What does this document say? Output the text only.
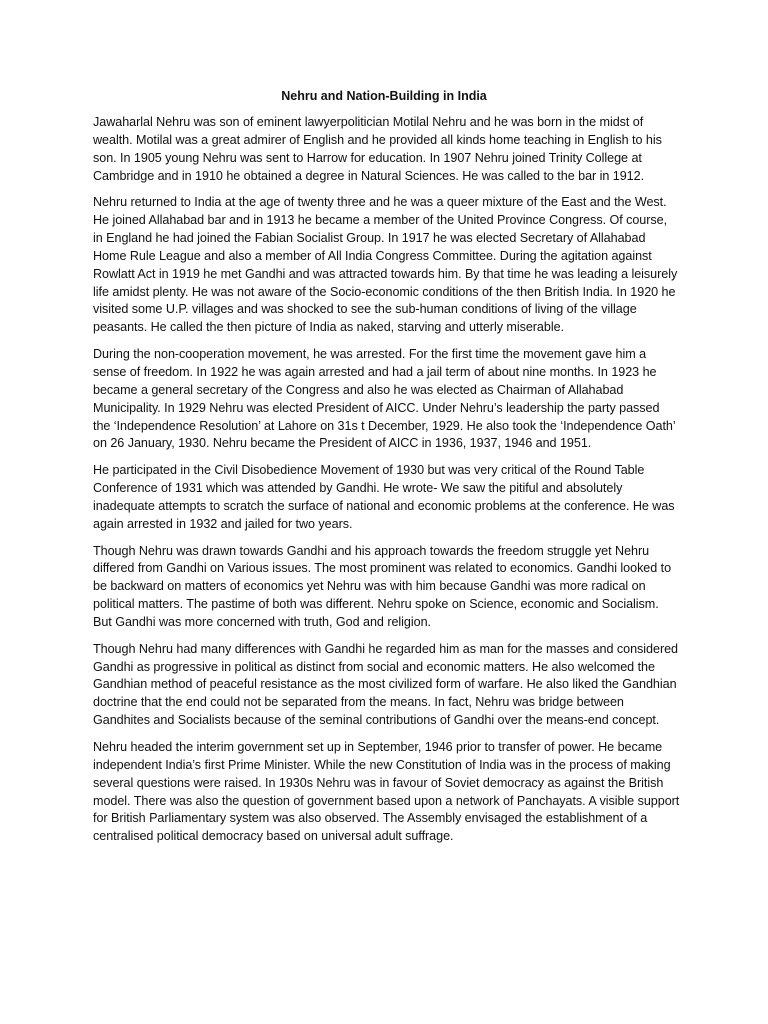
Nehru and Nation-Building in India

Jawaharlal Nehru was son of eminent lawyerpolitician Motilal Nehru and he was born in the midst of wealth. Motilal was a great admirer of English and he provided all kinds home teaching in English to his son. In 1905 young Nehru was sent to Harrow for education. In 1907 Nehru joined Trinity College at Cambridge and in 1910 he obtained a degree in Natural Sciences. He was called to the bar in 1912.

Nehru returned to India at the age of twenty three and he was a queer mixture of the East and the West. He joined Allahabad bar and in 1913 he became a member of the United Province Congress. Of course, in England he had joined the Fabian Socialist Group. In 1917 he was elected Secretary of Allahabad Home Rule League and also a member of All India Congress Committee. During the agitation against Rowlatt Act in 1919 he met Gandhi and was attracted towards him. By that time he was leading a leisurely life amidst plenty. He was not aware of the Socio-economic conditions of the then British India. In 1920 he visited some U.P. villages and was shocked to see the sub-human conditions of living of the village peasants. He called the then picture of India as naked, starving and utterly miserable.

During the non-cooperation movement, he was arrested. For the first time the movement gave him a sense of freedom. In 1922 he was again arrested and had a jail term of about nine months. In 1923 he became a general secretary of the Congress and also he was elected as Chairman of Allahabad Municipality. In 1929 Nehru was elected President of AICC. Under Nehru’s leadership the party passed the ‘Independence Resolution’ at Lahore on 31s t December, 1929. He also took the ‘Independence Oath’ on 26 January, 1930. Nehru became the President of AICC in 1936, 1937, 1946 and 1951.

He participated in the Civil Disobedience Movement of 1930 but was very critical of the Round Table Conference of 1931 which was attended by Gandhi. He wrote- We saw the pitiful and absolutely inadequate attempts to scratch the surface of national and economic problems at the conference. He was again arrested in 1932 and jailed for two years.

Though Nehru was drawn towards Gandhi and his approach towards the freedom struggle yet Nehru differed from Gandhi on Various issues. The most prominent was related to economics. Gandhi looked to be backward on matters of economics yet Nehru was with him because Gandhi was more radical on political matters. The pastime of both was different. Nehru spoke on Science, economic and Socialism. But Gandhi was more concerned with truth, God and religion.

Though Nehru had many differences with Gandhi he regarded him as man for the masses and considered Gandhi as progressive in political as distinct from social and economic matters. He also welcomed the Gandhian method of peaceful resistance as the most civilized form of warfare. He also liked the Gandhian doctrine that the end could not be separated from the means. In fact, Nehru was bridge between Gandhites and Socialists because of the seminal contributions of Gandhi over the means-end concept.

Nehru headed the interim government set up in September, 1946 prior to transfer of power. He became independent India’s first Prime Minister. While the new Constitution of India was in the process of making several questions were raised. In 1930s Nehru was in favour of Soviet democracy as against the British model. There was also the question of government based upon a network of Panchayats. A visible support for British Parliamentary system was also observed. The Assembly envisaged the establishment of a centralised political democracy based on universal adult suffrage.
